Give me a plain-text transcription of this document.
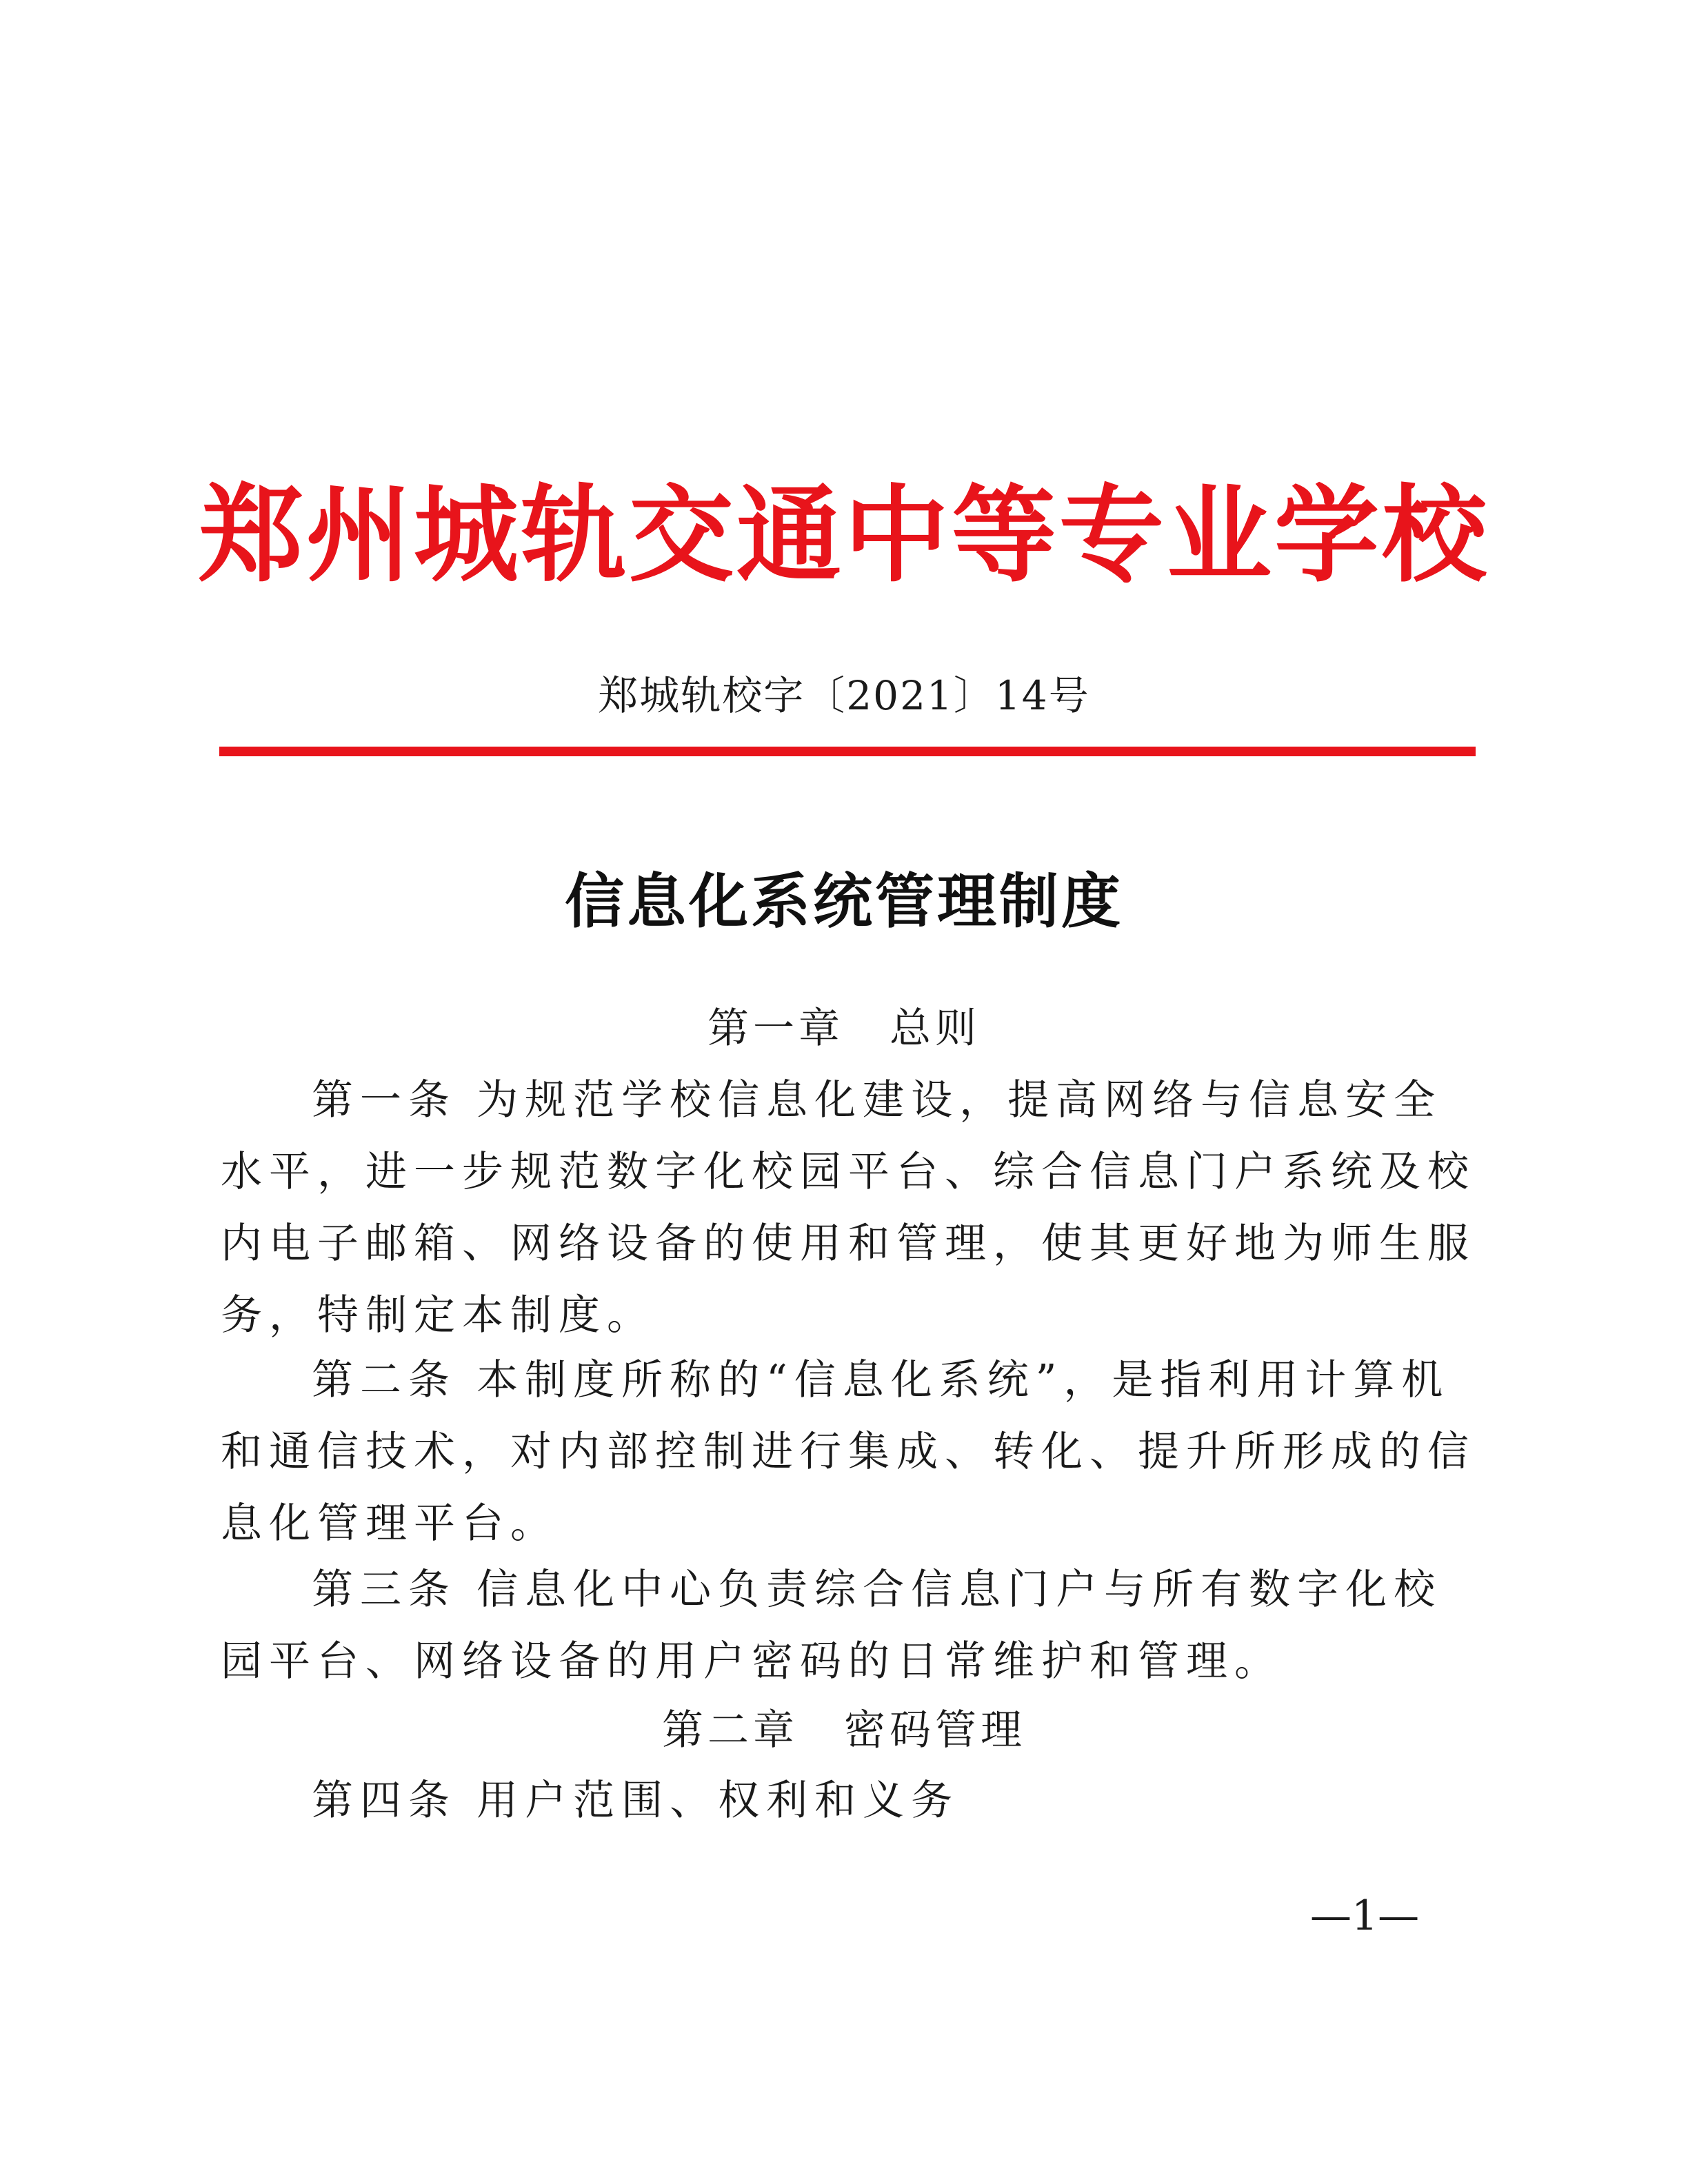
郑州城轨交通中等专业学校
郑城轨校字〔2021〕14号
信息化系统管理制度
第一章　总则
第一条 为规范学校信息化建设，提高网络与信息安全水平，进一步规范数字化校园平台、综合信息门户系统及校内电子邮箱、网络设备的使用和管理，使其更好地为师生服务，特制定本制度。
第二条 本制度所称的“信息化系统”，是指利用计算机和通信技术，对内部控制进行集成、转化、提升所形成的信息化管理平台。
第三条 信息化中心负责综合信息门户与所有数字化校园平台、网络设备的用户密码的日常维护和管理。
第二章　密码管理
第四条 用户范围、权利和义务
—1—
